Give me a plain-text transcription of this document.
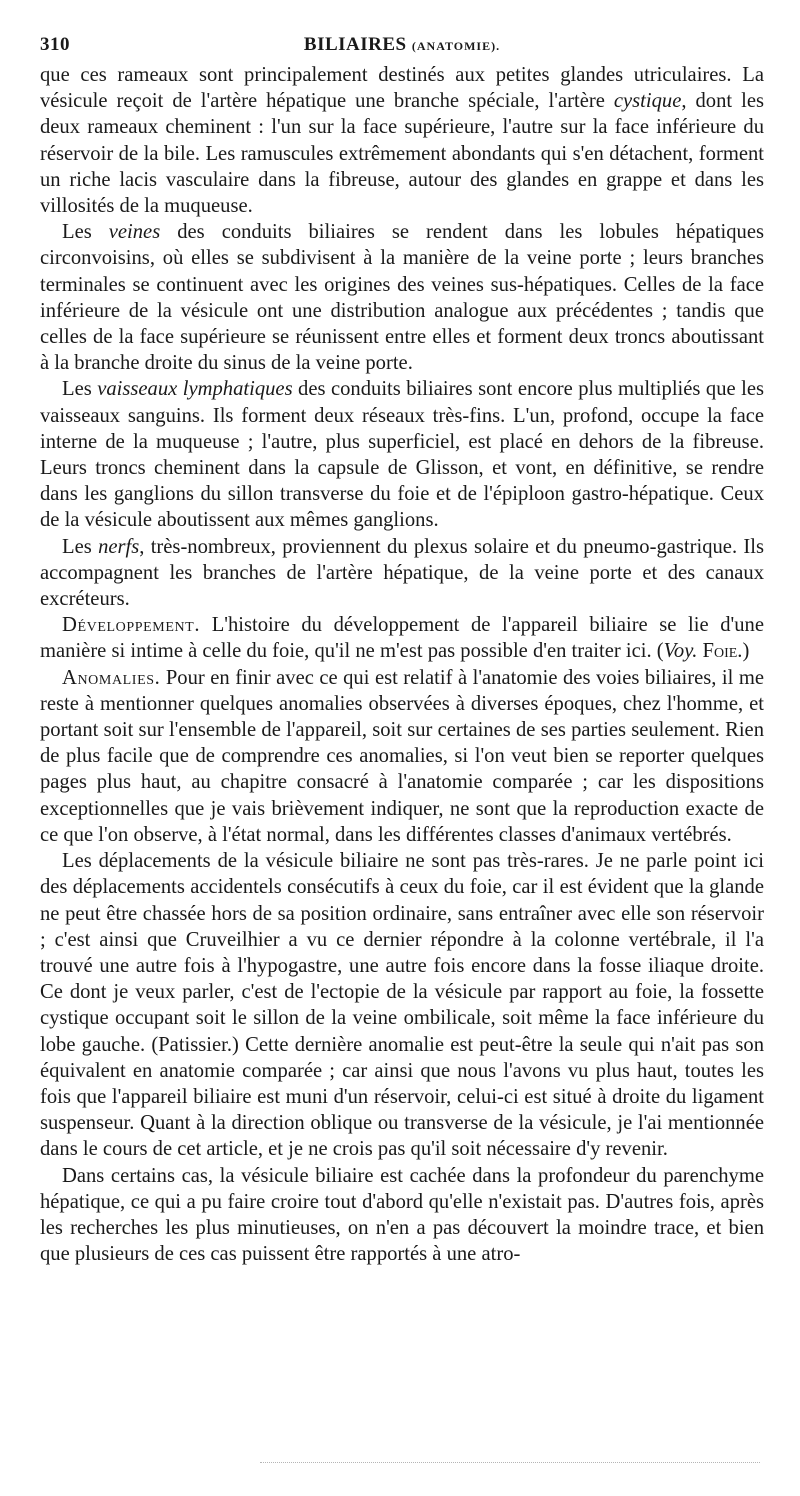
310	BILIAIRES (ANATOMIE).

que ces rameaux sont principalement destinés aux petites glandes utriculaires. La vésicule reçoit de l'artère hépatique une branche spéciale, l'artère cystique, dont les deux rameaux cheminent : l'un sur la face supérieure, l'autre sur la face inférieure du réservoir de la bile. Les ramuscules extrêmement abondants qui s'en détachent, forment un riche lacis vasculaire dans la fibreuse, autour des glandes en grappe et dans les villosités de la muqueuse.

Les veines des conduits biliaires se rendent dans les lobules hépatiques circonvoisins, où elles se subdivisent à la manière de la veine porte ; leurs branches terminales se continuent avec les origines des veines sus-hépatiques. Celles de la face inférieure de la vésicule ont une distribution analogue aux précédentes ; tandis que celles de la face supérieure se réunissent entre elles et forment deux troncs aboutissant à la branche droite du sinus de la veine porte.

Les vaisseaux lymphatiques des conduits biliaires sont encore plus multipliés que les vaisseaux sanguins. Ils forment deux réseaux très-fins. L'un, profond, occupe la face interne de la muqueuse ; l'autre, plus superficiel, est placé en dehors de la fibreuse. Leurs troncs cheminent dans la capsule de Glisson, et vont, en définitive, se rendre dans les ganglions du sillon transverse du foie et de l'épiploon gastro-hépatique. Ceux de la vésicule aboutissent aux mêmes ganglions.

Les nerfs, très-nombreux, proviennent du plexus solaire et du pneumo-gastrique. Ils accompagnent les branches de l'artère hépatique, de la veine porte et des canaux excréteurs.

Développement. L'histoire du développement de l'appareil biliaire se lie d'une manière si intime à celle du foie, qu'il ne m'est pas possible d'en traiter ici. (Voy. Foie.)

Anomalies. Pour en finir avec ce qui est relatif à l'anatomie des voies biliaires, il me reste à mentionner quelques anomalies observées à diverses époques, chez l'homme, et portant soit sur l'ensemble de l'appareil, soit sur certaines de ses parties seulement. Rien de plus facile que de comprendre ces anomalies, si l'on veut bien se reporter quelques pages plus haut, au chapitre consacré à l'anatomie comparée ; car les dispositions exceptionnelles que je vais brièvement indiquer, ne sont que la reproduction exacte de ce que l'on observe, à l'état normal, dans les différentes classes d'animaux vertébrés.

Les déplacements de la vésicule biliaire ne sont pas très-rares. Je ne parle point ici des déplacements accidentels consécutifs à ceux du foie, car il est évident que la glande ne peut être chassée hors de sa position ordinaire, sans entraîner avec elle son réservoir ; c'est ainsi que Cruveilhier a vu ce dernier répondre à la colonne vertébrale, il l'a trouvé une autre fois à l'hypogastre, une autre fois encore dans la fosse iliaque droite. Ce dont je veux parler, c'est de l'ectopie de la vésicule par rapport au foie, la fossette cystique occupant soit le sillon de la veine ombilicale, soit même la face inférieure du lobe gauche. (Patissier.) Cette dernière anomalie est peut-être la seule qui n'ait pas son équivalent en anatomie comparée ; car ainsi que nous l'avons vu plus haut, toutes les fois que l'appareil biliaire est muni d'un réservoir, celui-ci est situé à droite du ligament suspenseur. Quant à la direction oblique ou transverse de la vésicule, je l'ai mentionnée dans le cours de cet article, et je ne crois pas qu'il soit nécessaire d'y revenir.

Dans certains cas, la vésicule biliaire est cachée dans la profondeur du parenchyme hépatique, ce qui a pu faire croire tout d'abord qu'elle n'existait pas. D'autres fois, après les recherches les plus minutieuses, on n'en a pas découvert la moindre trace, et bien que plusieurs de ces cas puissent être rapportés à une atro-
